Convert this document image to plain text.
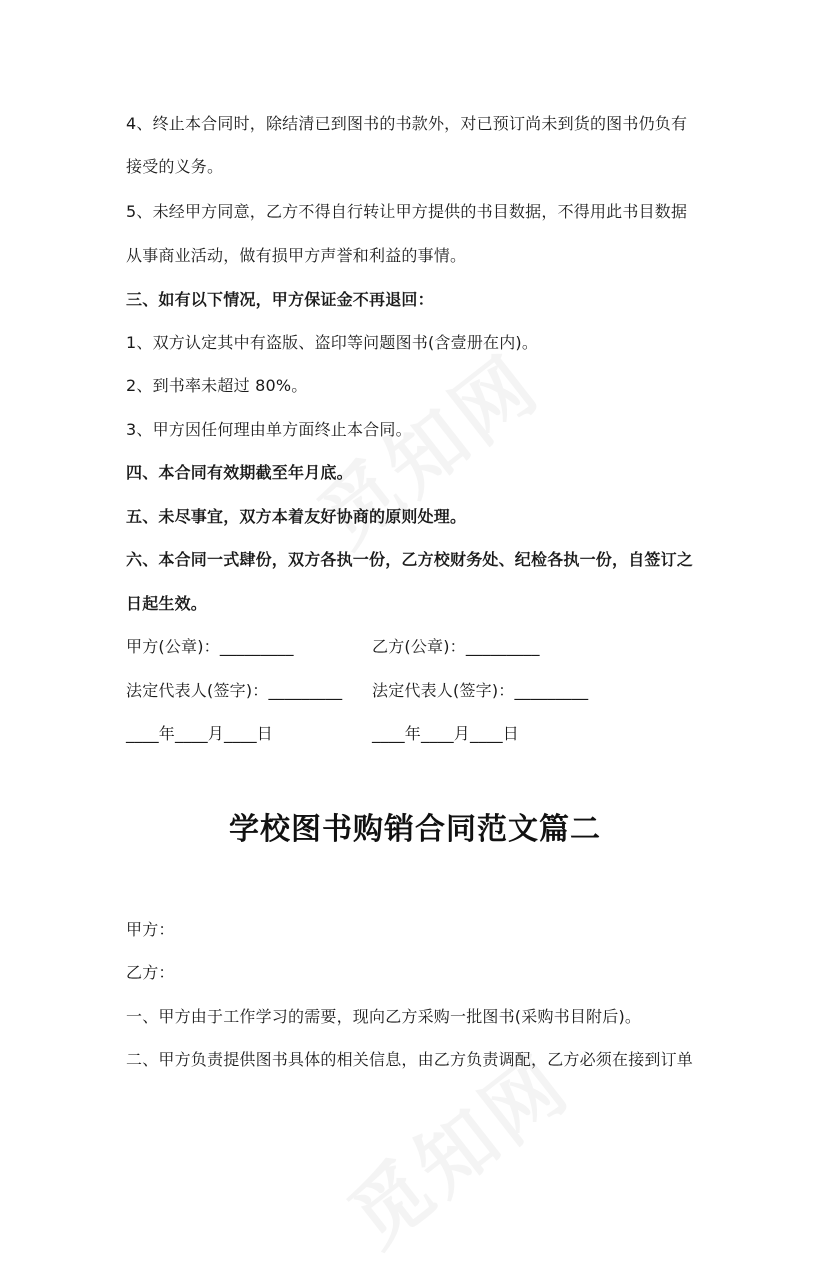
4、终止本合同时，除结清已到图书的书款外，对已预订尚未到货的图书仍负有
接受的义务。
5、未经甲方同意，乙方不得自行转让甲方提供的书目数据，不得用此书目数据
从事商业活动，做有损甲方声誉和利益的事情。
三、如有以下情况，甲方保证金不再退回：
1、双方认定其中有盗版、盗印等问题图书(含壹册在内)。
2、到书率未超过 80%。
3、甲方因任何理由单方面终止本合同。
四、本合同有效期截至年月底。
五、未尽事宜，双方本着友好协商的原则处理。
六、本合同一式肆份，双方各执一份，乙方校财务处、纪检各执一份，自签订之
日起生效。
甲方(公章)：_________	乙方(公章)：_________
法定代表人(签字)：_________ 法定代表人(签字)：_________
____年____月____日	____年____月____日
学校图书购销合同范文篇二
甲方：
乙方：
一、甲方由于工作学习的需要，现向乙方采购一批图书(采购书目附后)。
二、甲方负责提供图书具体的相关信息，由乙方负责调配，乙方必须在接到订单
